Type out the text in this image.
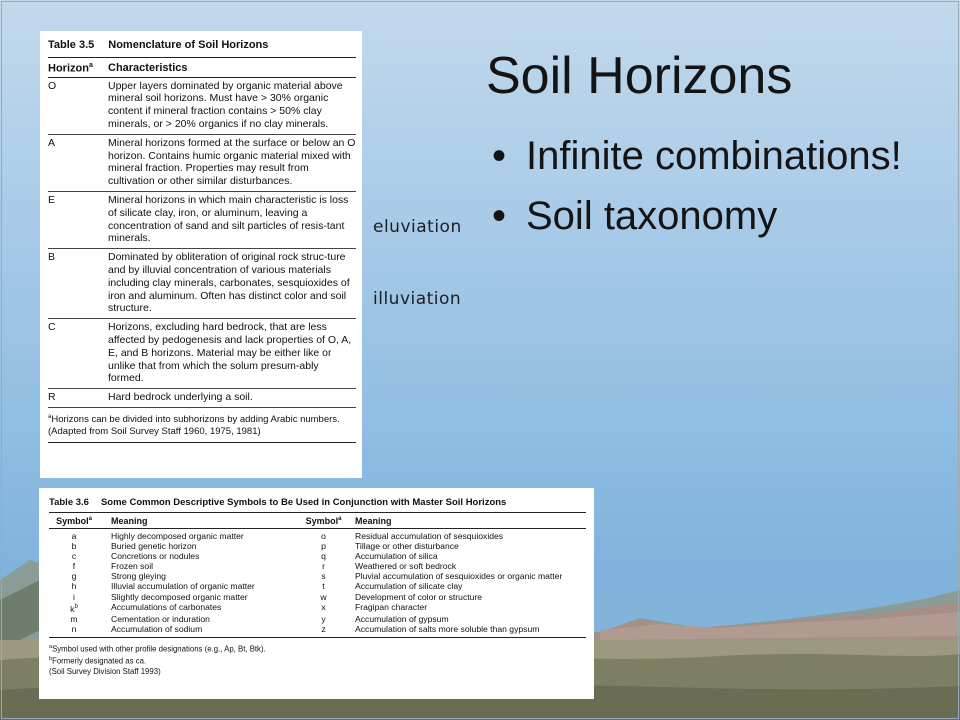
Soil Horizons
• Infinite combinations!
• Soil taxonomy
eluviation
illuviation
Table 3.5 Nomenclature of Soil Horizons
Horizon$^a$	Characteristics
O	Upper layers dominated by organic material above mineral soil horizons. Must have > 30% organic content if mineral fraction contains > 50% clay minerals, or > 20% organics if no clay minerals.
A	Mineral horizons formed at the surface or below an O horizon. Contains humic organic material mixed with mineral fraction. Properties may result from cultivation or other similar disturbances.
E	Mineral horizons in which main characteristic is loss of silicate clay, iron, or aluminum, leaving a concentration of sand and silt particles of resis-tant minerals.
B	Dominated by obliteration of original rock struc-ture and by illuvial concentration of various materials including clay minerals, carbonates, sesquioxides of iron and aluminum. Often has distinct color and soil structure.
C	Horizons, excluding hard bedrock, that are less affected by pedogenesis and lack properties of O, A, E, and B horizons. Material may be either like or unlike that from which the solum presum-ably formed.
R	Hard bedrock underlying a soil.
$^a$Horizons can be divided into subhorizons by adding Arabic numbers.
(Adapted from Soil Survey Staff 1960, 1975, 1981)
Table 3.6 Some Common Descriptive Symbols to Be Used in Conjunction with Master Soil Horizons
Symbol$^a$	Meaning	Symbol$^a$	Meaning
a	Highly decomposed organic matter	o	Residual accumulation of sesquioxides
b	Buried genetic horizon	p	Tillage or other disturbance
c	Concretions or nodules	q	Accumulation of silica
f	Frozen soil	r	Weathered or soft bedrock
g	Strong gleying	s	Pluvial accumulation of sesquioxides or organic matter
h	Illuvial accumulation of organic matter	t	Accumulation of silicate clay
i	Slightly decomposed organic matter	w	Development of color or structure
$k^b$	Accumulations of carbonates	x	Fragipan character
m	Cementation or induration	y	Accumulation of gypsum
n	Accumulation of sodium	z	Accumulation of salts more soluble than gypsum
$^a$Symbol used with other profile designations (e.g., Ap, Bt, Btk).
$^b$Formerly designated as ca.
(Soil Survey Division Staff 1993)
